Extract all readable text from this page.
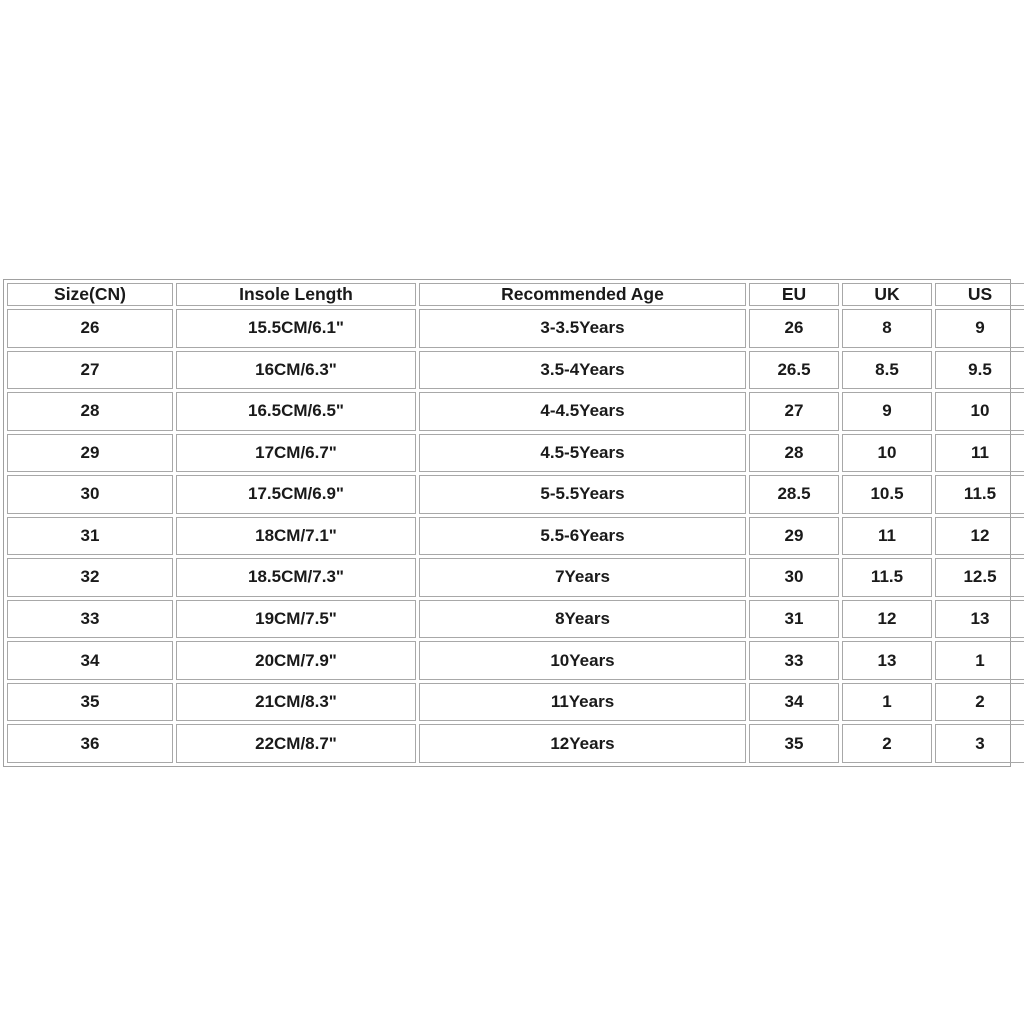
Size(CN)	Insole Length	Recommended Age	EU	UK	US
26	15.5CM/6.1"	3-3.5Years	26	8	9
27	16CM/6.3"	3.5-4Years	26.5	8.5	9.5
28	16.5CM/6.5"	4-4.5Years	27	9	10
29	17CM/6.7"	4.5-5Years	28	10	11
30	17.5CM/6.9"	5-5.5Years	28.5	10.5	11.5
31	18CM/7.1"	5.5-6Years	29	11	12
32	18.5CM/7.3"	7Years	30	11.5	12.5
33	19CM/7.5"	8Years	31	12	13
34	20CM/7.9"	10Years	33	13	1
35	21CM/8.3"	11Years	34	1	2
36	22CM/8.7"	12Years	35	2	3
